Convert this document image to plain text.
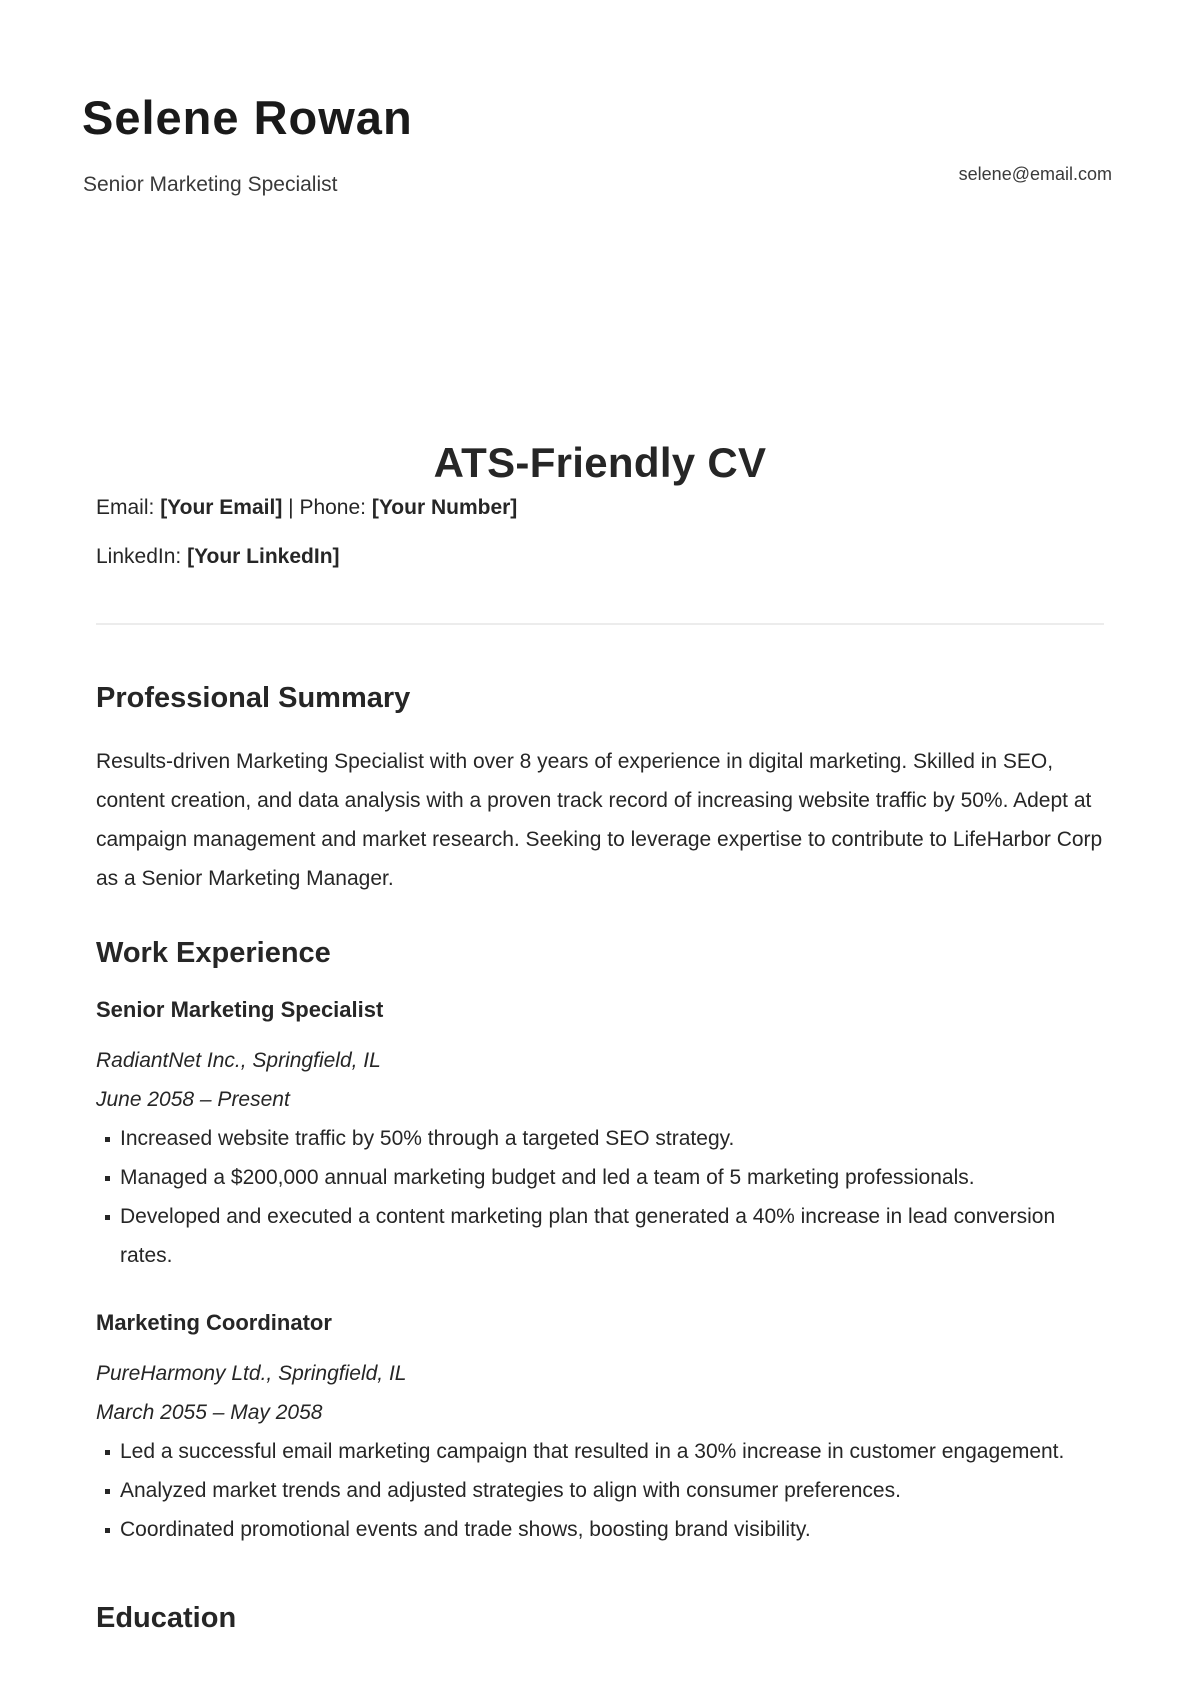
Selene Rowan

Senior Marketing Specialist	selene@email.com

ATS-Friendly CV

Email: [Your Email] | Phone: [Your Number]

LinkedIn: [Your LinkedIn]

Professional Summary

Results-driven Marketing Specialist with over 8 years of experience in digital marketing. Skilled in SEO, content creation, and data analysis with a proven track record of increasing website traffic by 50%. Adept at campaign management and market research. Seeking to leverage expertise to contribute to LifeHarbor Corp as a Senior Marketing Manager.

Work Experience

Senior Marketing Specialist

RadiantNet Inc., Springfield, IL

June 2058 – Present

Increased website traffic by 50% through a targeted SEO strategy.
Managed a $200,000 annual marketing budget and led a team of 5 marketing professionals.
Developed and executed a content marketing plan that generated a 40% increase in lead conversion rates.

Marketing Coordinator

PureHarmony Ltd., Springfield, IL

March 2055 – May 2058

Led a successful email marketing campaign that resulted in a 30% increase in customer engagement.
Analyzed market trends and adjusted strategies to align with consumer preferences.
Coordinated promotional events and trade shows, boosting brand visibility.
Education
